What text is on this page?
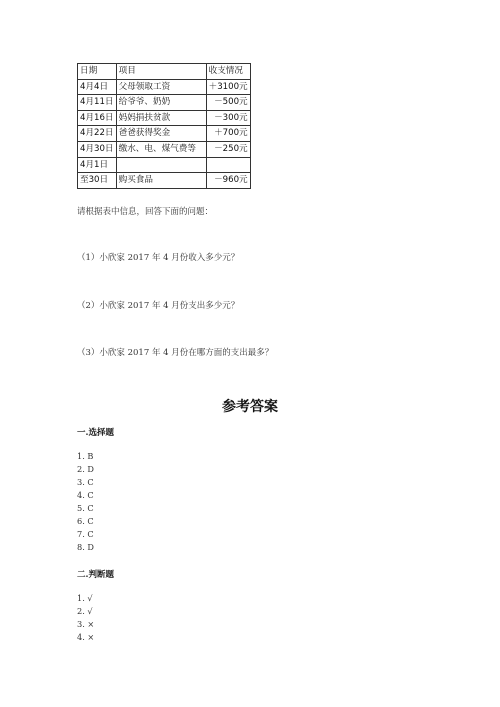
日期	项目	收支情况
4月4日	父母领取工资	＋3100元
4月11日	给爷爷、奶奶	－500元
4月16日	妈妈捐扶贫款	－300元
4月22日	爸爸获得奖金	＋700元
4月30日	缴水、电、煤气费等	－250元
4月1日		
至30日	购买食品	－960元
请根据表中信息，回答下面的问题：
（1）小欣家 2017 年 4 月份收入多少元？
（2）小欣家 2017 年 4 月份支出多少元？
（3）小欣家 2017 年 4 月份在哪方面的支出最多？
参考答案
一.选择题
1. B
2. D
3. C
4. C
5. C
6. C
7. C
8. D
二.判断题
1. √
2. √
3. ×
4. ×
